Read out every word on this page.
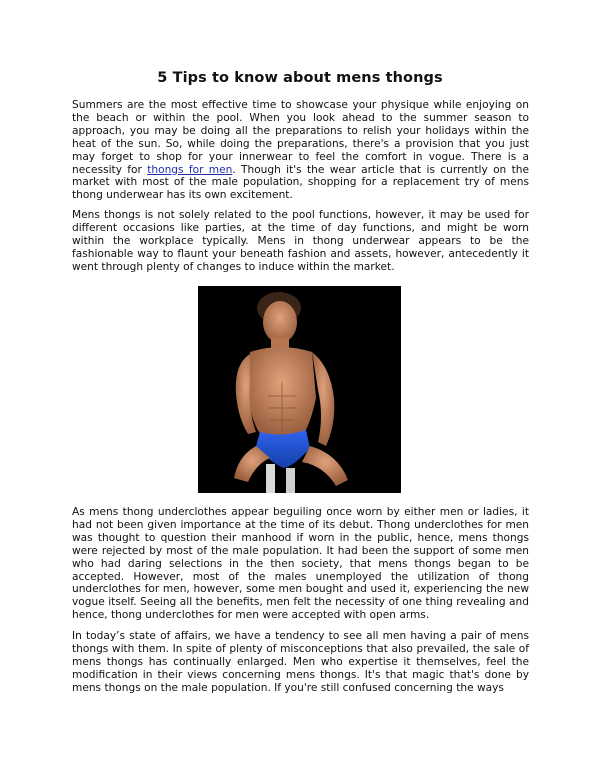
5 Tips to know about mens thongs

Summers are the most effective time to showcase your physique while enjoying on the beach or within the pool. When you look ahead to the summer season to approach, you may be doing all the preparations to relish your holidays within the heat of the sun. So, while doing the preparations, there's a provision that you just may forget to shop for your innerwear to feel the comfort in vogue. There is a necessity for thongs for men. Though it's the wear article that is currently on the market with most of the male population, shopping for a replacement try of mens thong underwear has its own excitement.

Mens thongs is not solely related to the pool functions, however, it may be used for different occasions like parties, at the time of day functions, and might be worn within the workplace typically. Mens in thong underwear appears to be the fashionable way to flaunt your beneath fashion and assets, however, antecedently it went through plenty of changes to induce within the market.

As mens thong underclothes appear beguiling once worn by either men or ladies, it had not been given importance at the time of its debut. Thong underclothes for men was thought to question their manhood if worn in the public, hence, mens thongs were rejected by most of the male population. It had been the support of some men who had daring selections in the then society, that mens thongs began to be accepted. However, most of the males unemployed the utilization of thong underclothes for men, however, some men bought and used it, experiencing the new vogue itself. Seeing all the benefits, men felt the necessity of one thing revealing and hence, thong underclothes for men were accepted with open arms.

In today’s state of affairs, we have a tendency to see all men having a pair of mens thongs with them. In spite of plenty of misconceptions that also prevailed, the sale of mens thongs has continually enlarged. Men who expertise it themselves, feel the modification in their views concerning mens thongs. It's that magic that's done by mens thongs on the male population. If you're still confused concerning the ways
